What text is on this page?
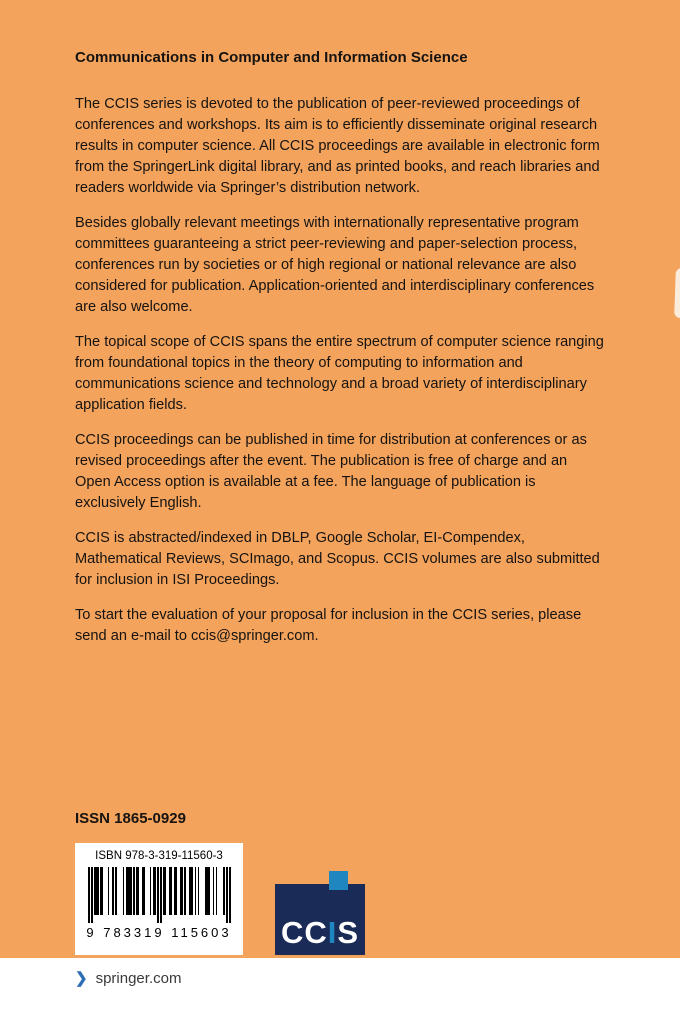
Communications in Computer and Information Science

The CCIS series is devoted to the publication of peer-reviewed proceedings of conferences and workshops. Its aim is to efficiently disseminate original research results in computer science. All CCIS proceedings are available in electronic form from the SpringerLink digital library, and as printed books, and reach libraries and readers worldwide via Springer’s distribution network.

Besides globally relevant meetings with internationally representative program committees guaranteeing a strict peer-reviewing and paper-selection process, conferences run by societies or of high regional or national relevance are also considered for publication. Application-oriented and interdisciplinary conferences are also welcome.

The topical scope of CCIS spans the entire spectrum of computer science ranging from foundational topics in the theory of computing to information and communications science and technology and a broad variety of interdisciplinary application fields.

CCIS proceedings can be published in time for distribution at conferences or as revised proceedings after the event. The publication is free of charge and an Open Access option is available at a fee. The language of publication is exclusively English.

CCIS is abstracted/indexed in DBLP, Google Scholar, EI-Compendex, Mathematical Reviews, SCImago, and Scopus. CCIS volumes are also submitted for inclusion in ISI Proceedings.

To start the evaluation of your proposal for inclusion in the CCIS series, please send an e-mail to ccis@springer.com.

ISSN 1865-0929
ISBN 978-3-319-11560-3
9 783319 115603 CCIS
❯ springer.com
